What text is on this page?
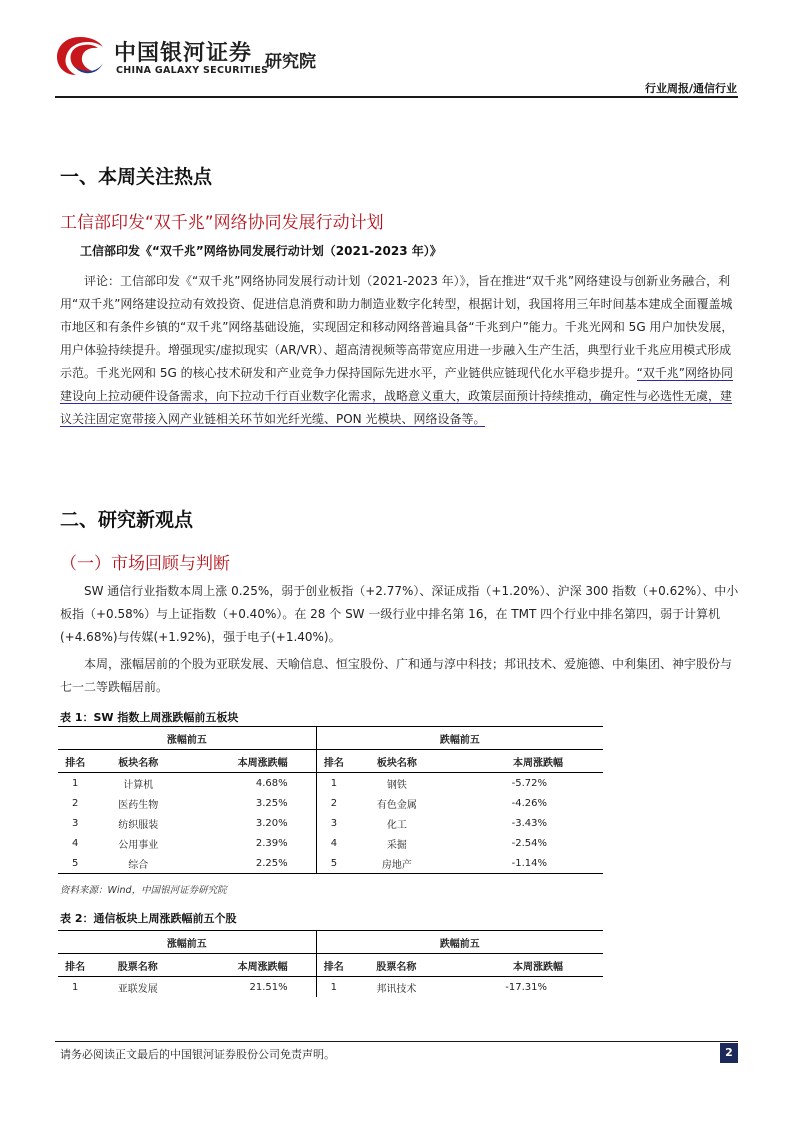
中国银河证券
CHINA GALAXY SECURITIES
研究院
行业周报/通信行业
一、本周关注热点
工信部印发“双千兆”网络协同发展行动计划
工信部印发《“双千兆”网络协同发展行动计划（2021-2023 年）》
评论：工信部印发《“双千兆”网络协同发展行动计划（2021-2023 年）》，旨在推进“双千兆”网络建设与创新业务融合，利用“双千兆”网络建设拉动有效投资、促进信息消费和助力制造业数字化转型，根据计划，我国将用三年时间基本建成全面覆盖城市地区和有条件乡镇的“双千兆”网络基础设施，实现固定和移动网络普遍具备“千兆到户”能力。千兆光网和 5G 用户加快发展，用户体验持续提升。增强现实/虚拟现实（AR/VR）、超高清视频等高带宽应用进一步融入生产生活，典型行业千兆应用模式形成示范。千兆光网和 5G 的核心技术研发和产业竞争力保持国际先进水平，产业链供应链现代化水平稳步提升。“双千兆”网络协同建设向上拉动硬件设备需求，向下拉动千行百业数字化需求，战略意义重大，政策层面预计持续推动，确定性与必选性无虞，建议关注固定宽带接入网产业链相关环节如光纤光缆、PON 光模块、网络设备等。
二、研究新观点
（一）市场回顾与判断
SW 通信行业指数本周上涨 0.25%，弱于创业板指（+2.77%）、深证成指（+1.20%）、沪深 300 指数（+0.62%）、中小板指（+0.58%）与上证指数（+0.40%）。在 28 个 SW 一级行业中排名第 16，在 TMT 四个行业中排名第四，弱于计算机(+4.68%)与传媒(+1.92%)，强于电子(+1.40%)。
本周，涨幅居前的个股为亚联发展、天喻信息、恒宝股份、广和通与淳中科技；邦讯技术、爱施德、中利集团、神宇股份与七一二等跌幅居前。
表 1：SW 指数上周涨跌幅前五板块
涨幅前五			跌幅前五		
排名	板块名称	本周涨跌幅	排名	板块名称	本周涨跌幅
1	计算机	4.68%	1	钢铁	-5.72%
2	医药生物	3.25%	2	有色金属	-4.26%
3	纺织服装	3.20%	3	化工	-3.43%
4	公用事业	2.39%	4	采掘	-2.54%
5	综合	2.25%	5	房地产	-1.14%
资料来源：Wind，中国银河证券研究院
表 2：通信板块上周涨跌幅前五个股
涨幅前五			跌幅前五		
排名	股票名称	本周涨跌幅	排名	股票名称	本周涨跌幅
1	亚联发展	21.51%	1	邦讯技术	-17.31%
请务必阅读正文最后的中国银河证券股份公司免责声明。	2
